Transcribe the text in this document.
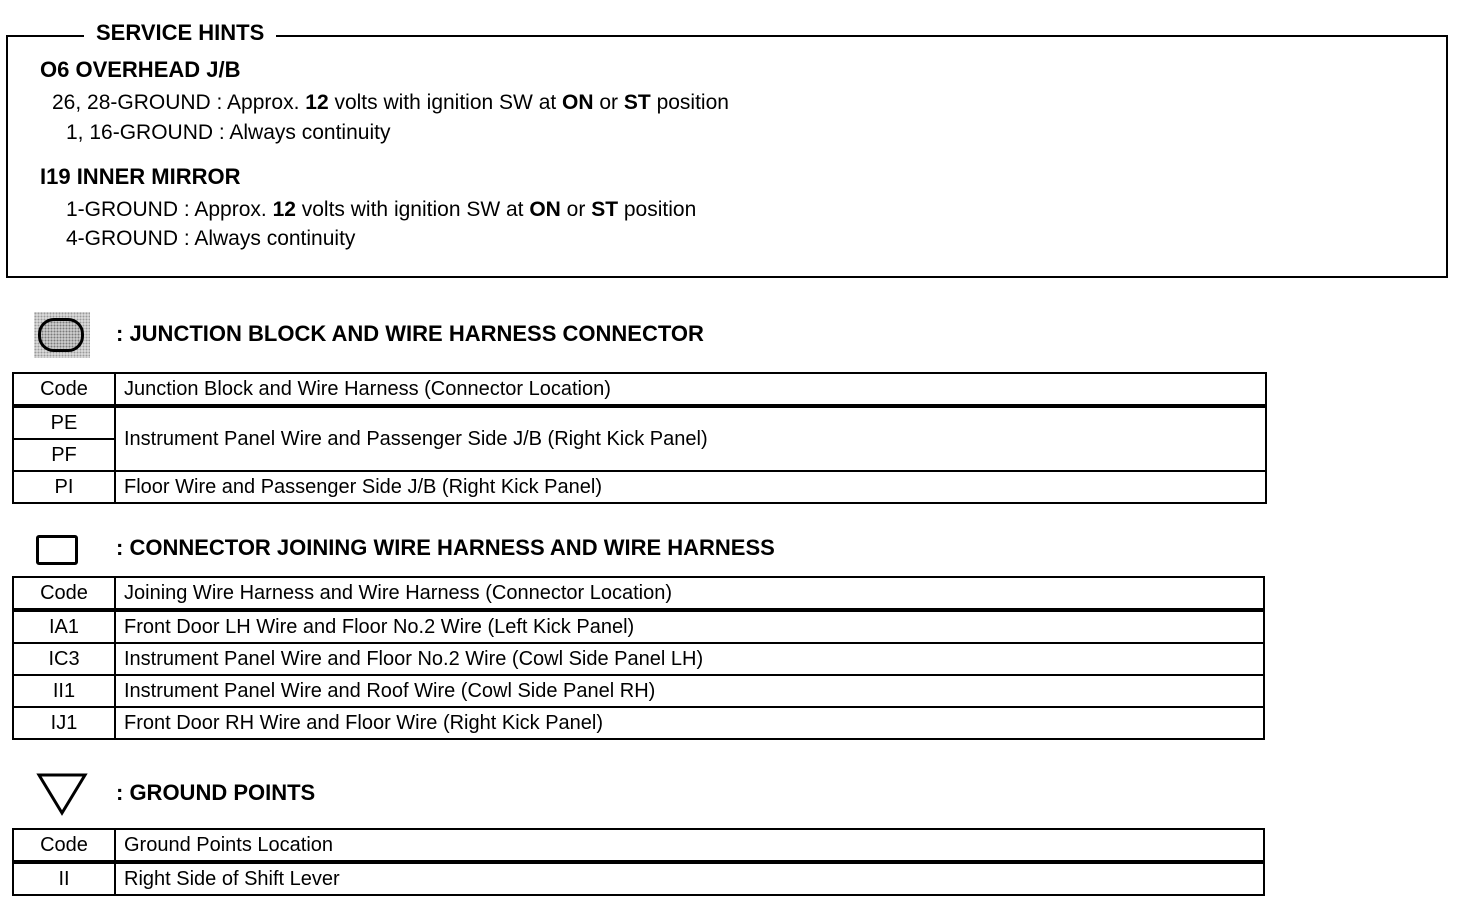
SERVICE HINTS
O6 OVERHEAD J/B
26, 28-GROUND : Approx. 12 volts with ignition SW at ON or ST position
1, 16-GROUND : Always continuity
I19 INNER MIRROR
1-GROUND : Approx. 12 volts with ignition SW at ON or ST position
4-GROUND : Always continuity
: JUNCTION BLOCK AND WIRE HARNESS CONNECTOR
Code	Junction Block and Wire Harness (Connector Location)
PE	Instrument Panel Wire and Passenger Side J/B (Right Kick Panel)
PF	
PI	Floor Wire and Passenger Side J/B (Right Kick Panel)
: CONNECTOR JOINING WIRE HARNESS AND WIRE HARNESS
Code	Joining Wire Harness and Wire Harness (Connector Location)
IA1	Front Door LH Wire and Floor No.2 Wire (Left Kick Panel)
IC3	Instrument Panel Wire and Floor No.2 Wire (Cowl Side Panel LH)
II1	Instrument Panel Wire and Roof Wire (Cowl Side Panel RH)
IJ1	Front Door RH Wire and Floor Wire (Right Kick Panel)
: GROUND POINTS
Code	Ground Points Location
II	Right Side of Shift Lever
